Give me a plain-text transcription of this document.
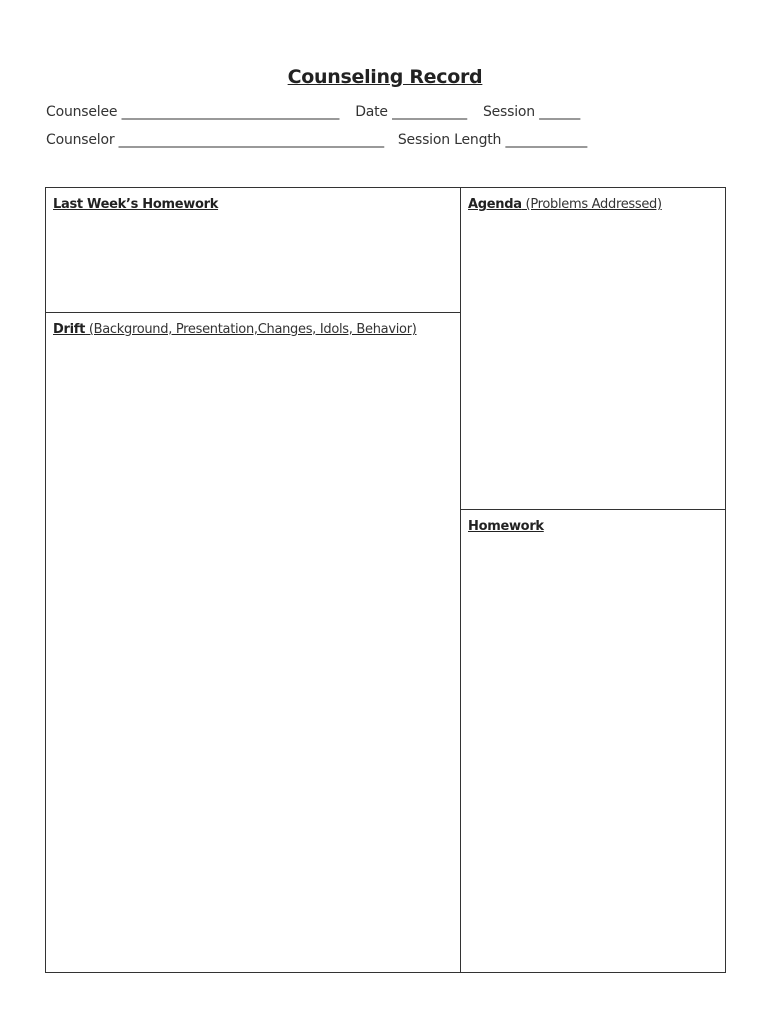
Counseling Record
Counselee ________________________________ Date ___________ Session ______
Counselor _______________________________________ Session Length ____________
Last Week’s Homework
Drift (Background, Presentation,Changes, Idols, Behavior)
Agenda (Problems Addressed)
Homework
